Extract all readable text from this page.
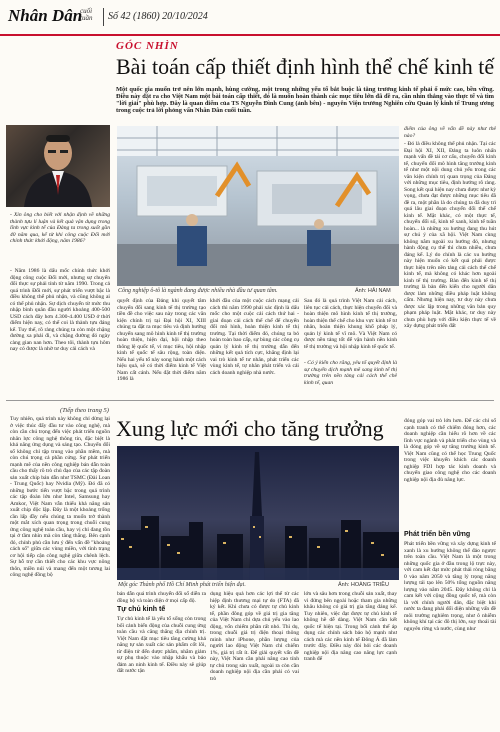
Nhân Dân
cuối tuần	Số 42 (1860) 20/10/2024
GÓC NHÌN
Bài toán cấp thiết định hình thể chế kinh tế
Một quốc gia muốn trở nên lớn mạnh, hùng cường, một trong những yếu tố bắt buộc là tăng trưởng kinh tế phải ổ mức cao, bền vững. Điều này đặt ra cho Việt Nam một bài toán cấp thiết, đó là muốn hoàn thành các mục tiêu lớn đã đề ra, cần nhìn thẳng vào thực tế và tìm "lời giải" phù hợp. Đây là quan điểm của TS Nguyễn Đình Cung (ảnh bên) - nguyên Viện trưởng Nghiên cứu Quản lý kinh tế Trung ương trong cuộc trả lời phỏng vấn Nhân Dân cuối tuần.
- Xin ông cho biết với nhận định về những thành tựu lí luận và kết quả vận dụng trong lĩnh vực kinh tế của Đảng ta trong suốt gần 40 năm qua, kể từ khi công cuộc Đổi mới chính thức khởi động, năm 1986?
- Năm 1986 là dấu mốc chính thức khởi động công cuộc Đổi mới, nhưng sự chuyển đổi thực sự phải tính từ năm 1990. Trong cả quá trình Đổi mới, sự phát triển vượt bậc là điều không thể phủ nhận, và cũng không ai có thể phủ nhận. Sự dịch chuyển từ mức thu nhập bình quân đầu người khoảng 400-500 USD cách đây hơn 4.300-4.400 USD ở thời điểm hiện nay, có thể coi là thành tựu đáng kể. Tuy thế, rõ ràng chúng ta còn một chặng đường xa phải đi, và chặng đường đó ngày càng gian nan hơn. Theo tôi, thành tựu hôm nay có được là nhờ tư duy cải cách và
Công nghiệp ô-tô là ngành đang được nhiều nhà đầu tư quan tâm.	Ảnh: HẢI NAM
quyết định của Đảng khi quyết tâm chuyển đổi sang kinh tế thị trường tạo tiền đề cho việc sau này trong các văn kiện chính trị tại Đại hội XI, XIII chúng ta đặt ra mục tiêu và định hướng chuyển sang mô hình kinh tế thị trường hoàn thiện, hiện đại, hội nhập theo thông lệ quốc tế, vì mục tiêu, hội nhập kinh tế quốc tế sâu rộng, toàn diện. Nếu hai yếu tố này song hành một cách hiệu quả, sẽ có thời điểm kinh tế Việt Nam cất cánh. Nếu đặt thời điểm năm 1986 là
khởi đầu của một cuộc cách mạng cải cách thì năm 1990 phải xác định là dấu mốc cho một cuộc cải cách thứ hai - giai đoạn cải cách thể chế để chuyển đổi mô hình, hoàn thiện kinh tế thị trường. Tại thời điểm đó, chúng ta bỏ hoàn toàn bao cấp, sự bùng các công cụ quản lý kinh tế thị trường dẫn đến những kết quả tích cực, khẳng định lại vai trò kinh tế tư nhân, phát triển các vùng kinh tế, tự nhân phát triển và cải cách doanh nghiệp nhà nước.
Sau đó là quá trình Việt Nam cải cách, liên tục cải cách, thực hiện chuyển đổi và hoàn thiện mô hình kinh tế thị trường, hoàn thiện thể chế cho khu vực kinh tế tư nhân, hoàn thiện khung khổ pháp lý, quản lý kinh tế vĩ mô. Và Việt Nam có được nền tảng tốt để vận hành nền kinh tế thị trường và hội nhập kinh tế quốc tế.
- Có ý kiến cho rằng, yêu tố quyết định là sự chuyển dịch mạnh mẽ sang kinh tế thị trường trên nền tảng cải cách thể chế kinh tế, quan
điểm của ông về vấn đề này như thế nào?
- Đó là điều không thể phủ nhận. Tại các Đại hội XI, XII, Đảng ta luôn nhấn mạnh vấn đề tái cơ cấu, chuyển đổi kinh tế, chuyển đổi mô hình tăng trưởng kinh tế như một nội dung chủ yếu trong các văn kiện chính trị quan trọng của Đảng với những mục tiêu, định hướng rõ ràng. Song kết quả hiện nay chưa được như kỳ vọng, chưa đạt được những mục tiêu đã đề ra, một phần là do chúng ta đã duy trì quá lâu giai đoạn chuyển đổi thể chế kinh tế. Mặt khác, có một thực tế, chuyển đổi số, kinh tế xanh, kinh tế tuần hoàn... là những xu hướng đang thu hút sự chú ý của xã hội. Việt Nam cùng không nằm ngoài xu hướng đó, nhưng hành động cụ thể thì chưa nhiều, chưa đáng kể. Lý do chính là các xu hướng này hiện muốn có kết quả phải được thực hiện trên nền tảng cải cách thể chế kinh tế, mà không có khác hơn ngoài kinh tế thị trường. Bàn đến kinh tế thị trường là bàn đến kiến cho người dân được làm những điều pháp luật không cấm. Nhưng hiện nay, tư duy này chưa được xác lập trong những văn bản quy phạm pháp luật. Mặt khác, tư duy này chưa phù hợp với điều kiện thực tế về xây dựng phát triển đất
(Tiếp theo trang 5)
Xung lực mới cho tăng trưởng
Tuy nhiên, quá trình này không chỉ dừng lại ở việc thúc đẩy đầu tư vào công nghệ, mà còn cần chú trọng đến việc phát triển nguồn nhân lực công nghệ thông tin, đặc biệt là khả năng ứng dụng và sáng tạo. Chuyển đổi số không chỉ tập trung vào phần mềm, mà còn chú trọng cả phần cứng. Sự phát triển mạnh mẽ của nền công nghiệp bán dẫn toàn cầu cho thấy rõ trò chủ đạo của các tập đoàn sản xuất chip bán dẫn như TSMC (Đài Loan - Trung Quốc) hay Nvidia (Mỹ). Đó đã có những bước tiến vượt bậc trong quá trình các tập đoàn lớn như Intel, Samsung hay Amkor, Việt Nam vẫn thiếu khả năng sản xuất chip độc lập. Đây là một khoảng trống cần lấp đầy nếu chúng ta muốn trở thành một mắt xích quan trọng trong chuỗi cung ứng công nghệ toàn cầu, hay vị chỉ đang tồn tại ở tầm nhìn mà còn tăng thắng. Bên cạnh đó, chính phủ cần lưu ý đến vấn đề "khoảng cách số" giữa các vùng miền, với tình trạng cơ hội tiếp cận công nghệ giữa chênh lệch. Sự hỗ trợ cần thiết cho các khu vực nông thôn, miền núi và mang đến một tương lai công nghệ đồng bộ
Một góc Thành phố Hồ Chí Minh phát triển hiện đại.	Ảnh: HOÀNG TRIỀU
bán dẫn quá trình chuyển đổi số diễn ra đồng bộ và toàn diện ở mọi cấp độ.
Tự chủ kinh tế
Tự chủ kinh tế là yếu tố sống còn trong bối cảnh biến động của chuỗi cung ứng toàn cầu và căng thẳng địa chính trị. Việt Nam đặt mục tiêu tăng cường khả năng tự sản xuất các sản phẩm cốt lõi, từ điện tử đến dược phẩm, nhằm giảm sự phụ thuộc vào nhập khẩu và bảo đảm an ninh kinh tế. Điều này sẽ giúp đất nước tận
dụng hiệu quả hơn các lợi thế từ các hiệp định thương mại tự do (FTA) đã ký kết. Khi chưa có được tự chủ kinh tế, phần đông góp về giá trị gia tăng của Việt Nam chỉ dựa chủ yếu vào lao động, vốn chiếm phần rất nhỏ. Thì dụ, trong chuỗi giá trị điện thoại thông minh như iPhone, phần lượng của người lao động Việt Nam chỉ chiếm 1%, giá trị rất ít. Để giải quyết vấn đề này, Việt Nam cần phải nâng cao tính tự chủ trong sản xuất, ngoài ra còn cần doanh nghiệp nội địa cần phải có vai trò
lớn và sâu hơn trong chuỗi sản xuất, thay vì đứng bên ngoài hoặc tham gia những khâu không có giá trị gia tăng đáng kể. Tuy nhiên, việc đạt được tự chủ kinh tế không hề dễ dàng. Việt Nam cần kết quốc tế hiện tại. Trong bối cảnh thế áp dụng các chính sách bảo hộ mạnh như cách mà các nền kinh tế Đông Á đã làm trước đây. Điều này đòi hỏi các doanh nghiệp nội địa nâng cao năng lực cạnh tranh để
đóng góp vai trò lớn hơn. Để các chỉ số cạnh tranh có thể chiếm đóng hơn, các doanh nghiệp cần hiểu rõ hơn về các lĩnh vực ngành và phát triển cho vùng và là đóng góp về sự tăng trưởng kinh tế. Việt Nam cũng có thể học Trung Quốc trong việc khuyến khích các doanh nghiệp FDI hợp tác kinh doanh và chuyển giao công nghệ cho các doanh nghiệp nội địa đủ năng lực.
Phát triển bền vững
Phát triển bền vững và xây dựng kinh tế xanh là xu hướng không thể đảo ngược trên toàn cầu. Việt Nam là một trong những quốc gia ở đầu trong lộ trực này, với cam kết đạt mức phát thải ròng bằng 0 vào năm 2050 và tăng lý trọng năng lượng tái tạo lên 50% tổng nguồn năng lượng vào năm 2045. Đây không chỉ là cam kết với cộng đồng quốc tế, mà còn là với chính người dân, đặc biệt khi nước ta đang phải đối diện những vấn đề môi trường nghiêm trọng, như ô nhiễm không khí tại các đô thị lớn, suy thoái tài nguyên rừng và nước, cùng như
